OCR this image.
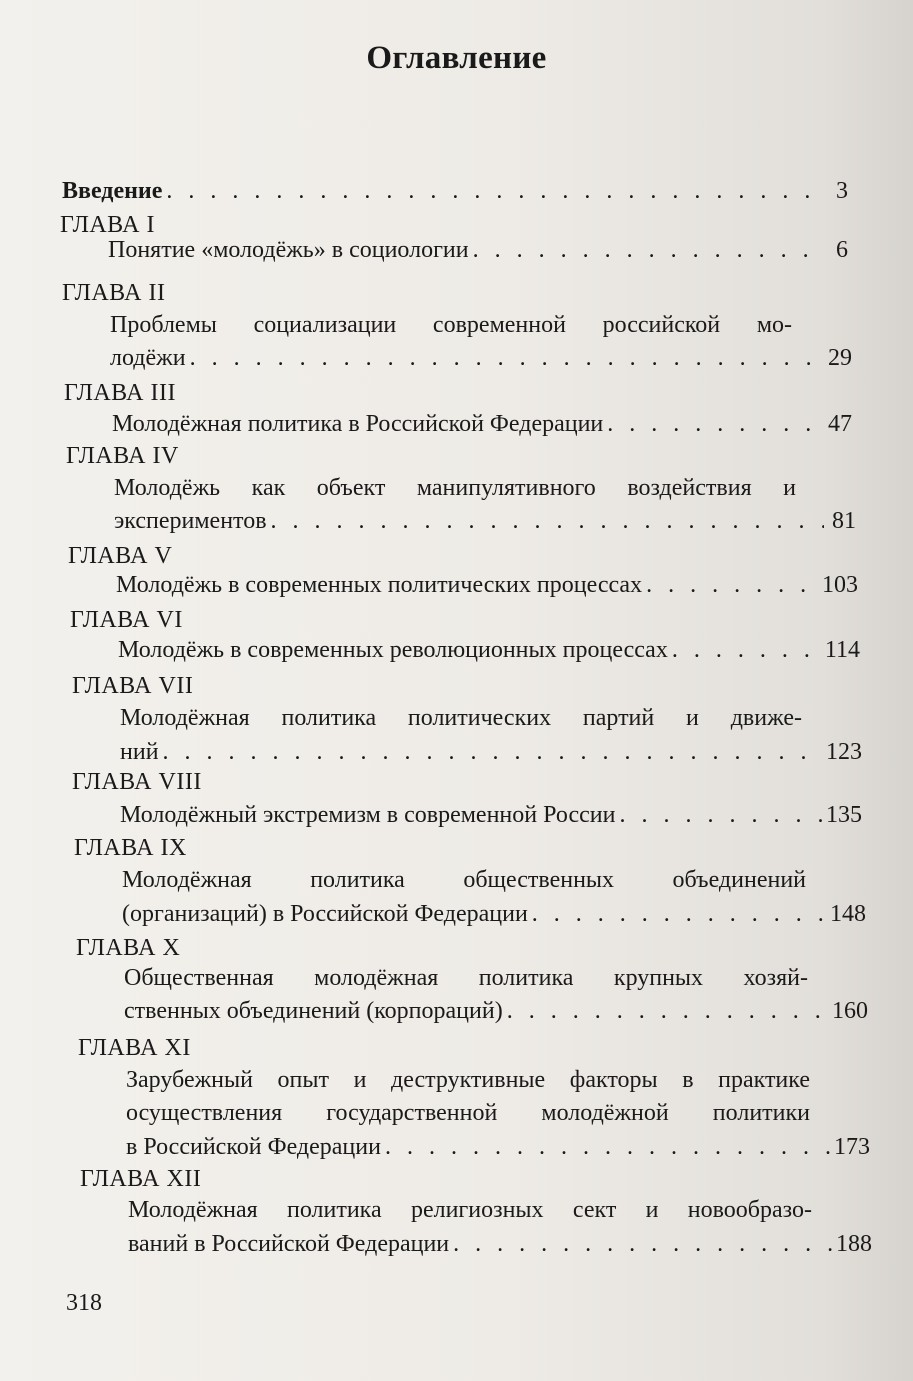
Оглавление
Введение . . .	3
ГЛАВА I
Понятие «молодёжь» в социологии . . .	6
ГЛАВА II
Проблемы социализации современной российской мо-
лодёжи . . .	29
ГЛАВА III
Молодёжная политика в Российской Федерации . . .	47
ГЛАВА IV
Молодёжь как объект манипулятивного воздействия и
экспериментов . . .	81
ГЛАВА V
Молодёжь в современных политических процессах . . .	103
ГЛАВА VI
Молодёжь в современных революционных процессах . . .	114
ГЛАВА VII
Молодёжная политика политических партий и движе-
ний . . .	123
ГЛАВА VIII
Молодёжный экстремизм в современной России . . .	135
ГЛАВА IX
Молодёжная политика общественных объединений
(организаций) в Российской Федерации . . .	148
ГЛАВА X
Общественная молодёжная политика крупных хозяй-
ственных объединений (корпораций) . . .	160
ГЛАВА XI
Зарубежный опыт и деструктивные факторы в практике
осуществления государственной молодёжной политики
в Российской Федерации . . .	173
ГЛАВА XII
Молодёжная политика религиозных сект и новообразо-
ваний в Российской Федерации . . .	188
318
